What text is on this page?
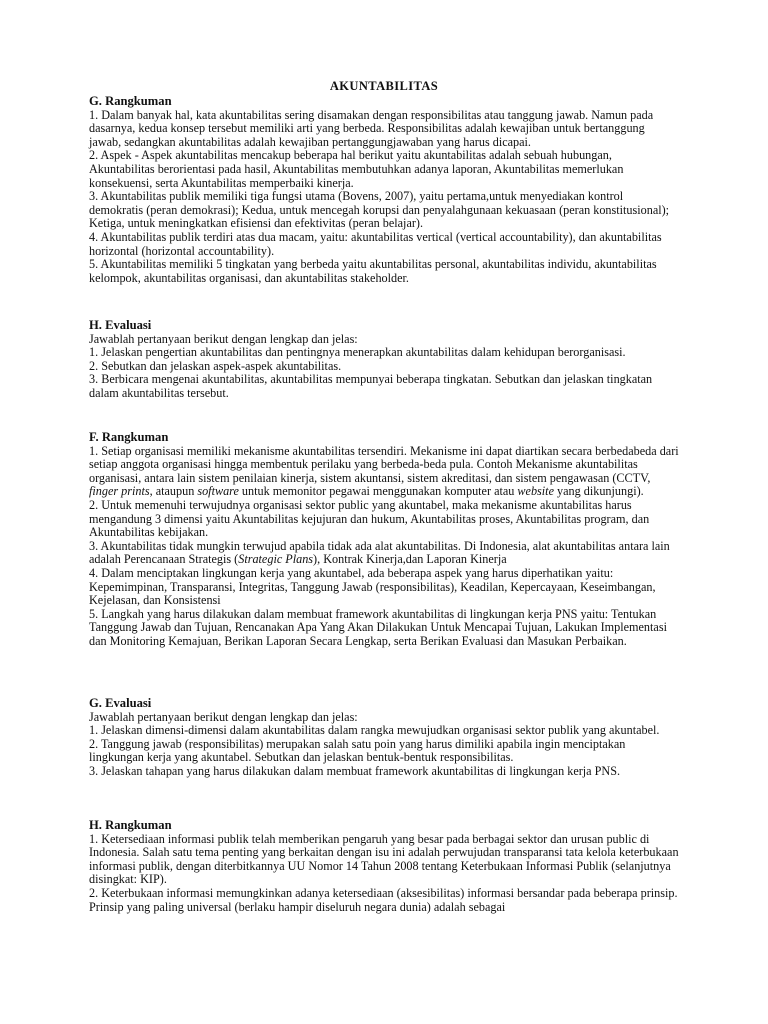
AKUNTABILITAS
G. Rangkuman

1. Dalam banyak hal, kata akuntabilitas sering disamakan dengan responsibilitas atau tanggung jawab. Namun pada dasarnya, kedua konsep tersebut memiliki arti yang berbeda. Responsibilitas adalah kewajiban untuk bertanggung jawab, sedangkan akuntabilitas adalah kewajiban pertanggungjawaban yang harus dicapai.

2. Aspek - Aspek akuntabilitas mencakup beberapa hal berikut yaitu akuntabilitas adalah sebuah hubungan, Akuntabilitas berorientasi pada hasil, Akuntabilitas membutuhkan adanya laporan, Akuntabilitas memerlukan konsekuensi, serta Akuntabilitas memperbaiki kinerja.

3. Akuntabilitas publik memiliki tiga fungsi utama (Bovens, 2007), yaitu pertama,untuk menyediakan kontrol demokratis (peran demokrasi); Kedua, untuk mencegah korupsi dan penyalahgunaan kekuasaan (peran konstitusional); Ketiga, untuk meningkatkan efisiensi dan efektivitas (peran belajar).

4. Akuntabilitas publik terdiri atas dua macam, yaitu: akuntabilitas vertical (vertical accountability), dan akuntabilitas horizontal (horizontal accountability).

5. Akuntabilitas memiliki 5 tingkatan yang berbeda yaitu akuntabilitas personal, akuntabilitas individu, akuntabilitas kelompok, akuntabilitas organisasi, dan akuntabilitas stakeholder.

H. Evaluasi

Jawablah pertanyaan berikut dengan lengkap dan jelas:

1. Jelaskan pengertian akuntabilitas dan pentingnya menerapkan akuntabilitas dalam kehidupan berorganisasi.

2. Sebutkan dan jelaskan aspek-aspek akuntabilitas.

3. Berbicara mengenai akuntabilitas, akuntabilitas mempunyai beberapa tingkatan. Sebutkan dan jelaskan tingkatan dalam akuntabilitas tersebut.

F. Rangkuman

1. Setiap organisasi memiliki mekanisme akuntabilitas tersendiri. Mekanisme ini dapat diartikan secara berbedabeda dari setiap anggota organisasi hingga membentuk perilaku yang berbeda-beda pula. Contoh Mekanisme akuntabilitas organisasi, antara lain sistem penilaian kinerja, sistem akuntansi, sistem akreditasi, dan sistem pengawasan (CCTV, finger prints, ataupun software untuk memonitor pegawai menggunakan komputer atau website yang dikunjungi).

2. Untuk memenuhi terwujudnya organisasi sektor public yang akuntabel, maka mekanisme akuntabilitas harus mengandung 3 dimensi yaitu Akuntabilitas kejujuran dan hukum, Akuntabilitas proses, Akuntabilitas program, dan Akuntabilitas kebijakan.

3. Akuntabilitas tidak mungkin terwujud apabila tidak ada alat akuntabilitas. Di Indonesia, alat akuntabilitas antara lain adalah Perencanaan Strategis (Strategic Plans), Kontrak Kinerja,dan Laporan Kinerja

4. Dalam menciptakan lingkungan kerja yang akuntabel, ada beberapa aspek yang harus diperhatikan yaitu: Kepemimpinan, Transparansi, Integritas, Tanggung Jawab (responsibilitas), Keadilan, Kepercayaan, Keseimbangan, Kejelasan, dan Konsistensi

5. Langkah yang harus dilakukan dalam membuat framework akuntabilitas di lingkungan kerja PNS yaitu: Tentukan Tanggung Jawab dan Tujuan, Rencanakan Apa Yang Akan Dilakukan Untuk Mencapai Tujuan, Lakukan Implementasi dan Monitoring Kemajuan, Berikan Laporan Secara Lengkap, serta Berikan Evaluasi dan Masukan Perbaikan.

G. Evaluasi

Jawablah pertanyaan berikut dengan lengkap dan jelas:

1. Jelaskan dimensi-dimensi dalam akuntabilitas dalam rangka mewujudkan organisasi sektor publik yang akuntabel.

2. Tanggung jawab (responsibilitas) merupakan salah satu poin yang harus dimiliki apabila ingin menciptakan lingkungan kerja yang akuntabel. Sebutkan dan jelaskan bentuk-bentuk responsibilitas.

3. Jelaskan tahapan yang harus dilakukan dalam membuat framework akuntabilitas di lingkungan kerja PNS.

H. Rangkuman

1. Ketersediaan informasi publik telah memberikan pengaruh yang besar pada berbagai sektor dan urusan public di Indonesia. Salah satu tema penting yang berkaitan dengan isu ini adalah perwujudan transparansi tata kelola keterbukaan informasi publik, dengan diterbitkannya UU Nomor 14 Tahun 2008 tentang Keterbukaan Informasi Publik (selanjutnya disingkat: KIP).

2. Keterbukaan informasi memungkinkan adanya ketersediaan (aksesibilitas) informasi bersandar pada beberapa prinsip. Prinsip yang paling universal (berlaku hampir diseluruh negara dunia) adalah sebagai
